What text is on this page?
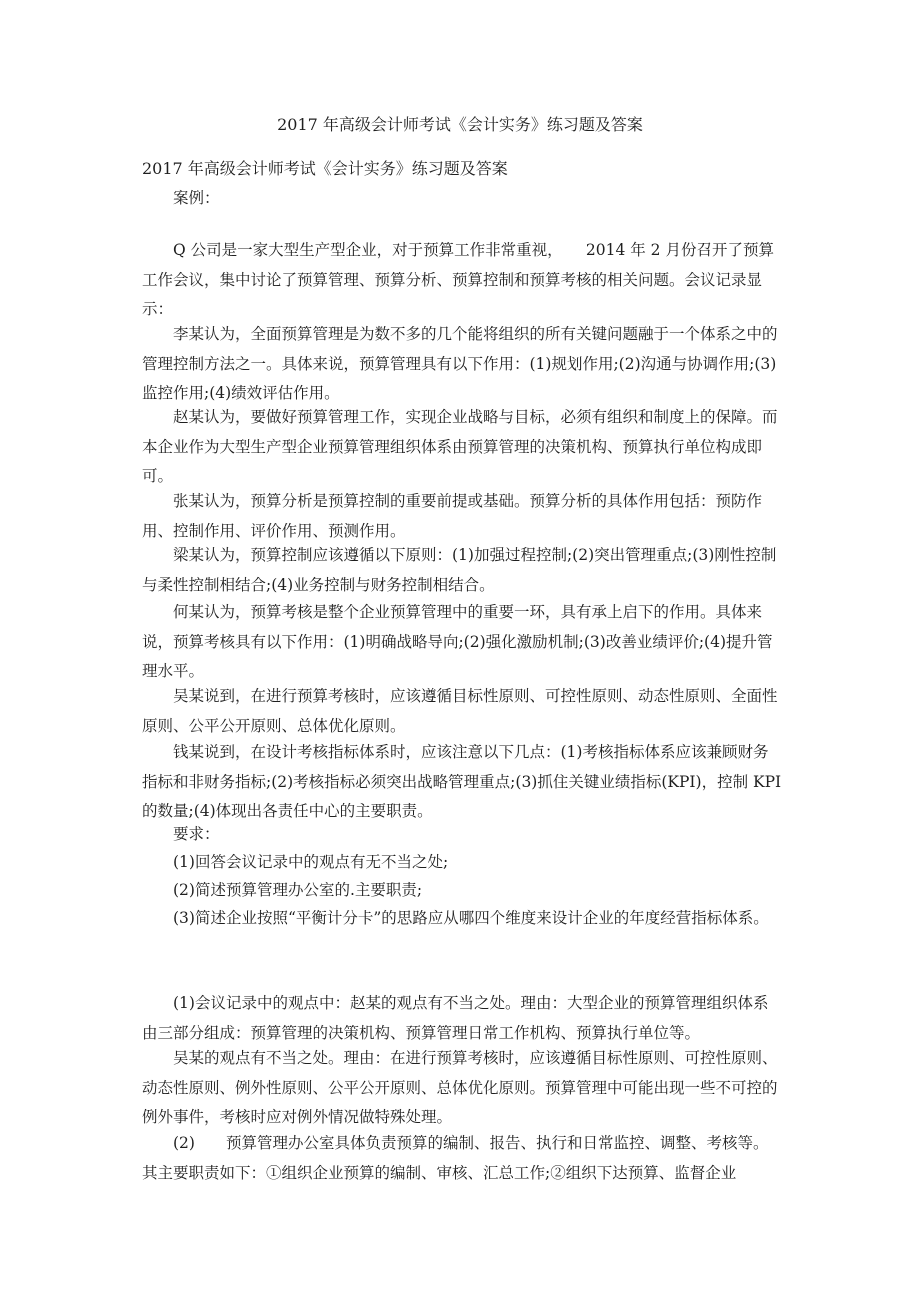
2017 年高级会计师考试《会计实务》练习题及答案
2017 年高级会计师考试《会计实务》练习题及答案

案例：

Q 公司是一家大型生产型企业，对于预算工作非常重视，　　2014 年 2 月份召开了预算工作会议，集中讨论了预算管理、预算分析、预算控制和预算考核的相关问题。会议记录显示：

李某认为，全面预算管理是为数不多的几个能将组织的所有关键问题融于一个体系之中的管理控制方法之一。具体来说，预算管理具有以下作用：(1)规划作用;(2)沟通与协调作用;(3)监控作用;(4)绩效评估作用。

赵某认为，要做好预算管理工作，实现企业战略与目标，必须有组织和制度上的保障。而本企业作为大型生产型企业预算管理组织体系由预算管理的决策机构、预算执行单位构成即可。

张某认为，预算分析是预算控制的重要前提或基础。预算分析的具体作用包括：预防作用、控制作用、评价作用、预测作用。

梁某认为，预算控制应该遵循以下原则：(1)加强过程控制;(2)突出管理重点;(3)刚性控制与柔性控制相结合;(4)业务控制与财务控制相结合。

何某认为，预算考核是整个企业预算管理中的重要一环，具有承上启下的作用。具体来说，预算考核具有以下作用：(1)明确战略导向;(2)强化激励机制;(3)改善业绩评价;(4)提升管理水平。

吴某说到，在进行预算考核时，应该遵循目标性原则、可控性原则、动态性原则、全面性原则、公平公开原则、总体优化原则。

钱某说到，在设计考核指标体系时，应该注意以下几点：(1)考核指标体系应该兼顾财务指标和非财务指标;(2)考核指标必须突出战略管理重点;(3)抓住关键业绩指标(KPI)，控制 KPI 的数量;(4)体现出各责任中心的主要职责。

要求：

(1)回答会议记录中的观点有无不当之处;

(2)简述预算管理办公室的.主要职责;

(3)简述企业按照“平衡计分卡”的思路应从哪四个维度来设计企业的年度经营指标体系。

(1)会议记录中的观点中：赵某的观点有不当之处。理由：大型企业的预算管理组织体系由三部分组成：预算管理的决策机构、预算管理日常工作机构、预算执行单位等。

吴某的观点有不当之处。理由：在进行预算考核时，应该遵循目标性原则、可控性原则、动态性原则、例外性原则、公平公开原则、总体优化原则。预算管理中可能出现一些不可控的例外事件，考核时应对例外情况做特殊处理。

(2)　　预算管理办公室具体负责预算的编制、报告、执行和日常监控、调整、考核等。其主要职责如下：①组织企业预算的编制、审核、汇总工作;②组织下达预算、监督企业
